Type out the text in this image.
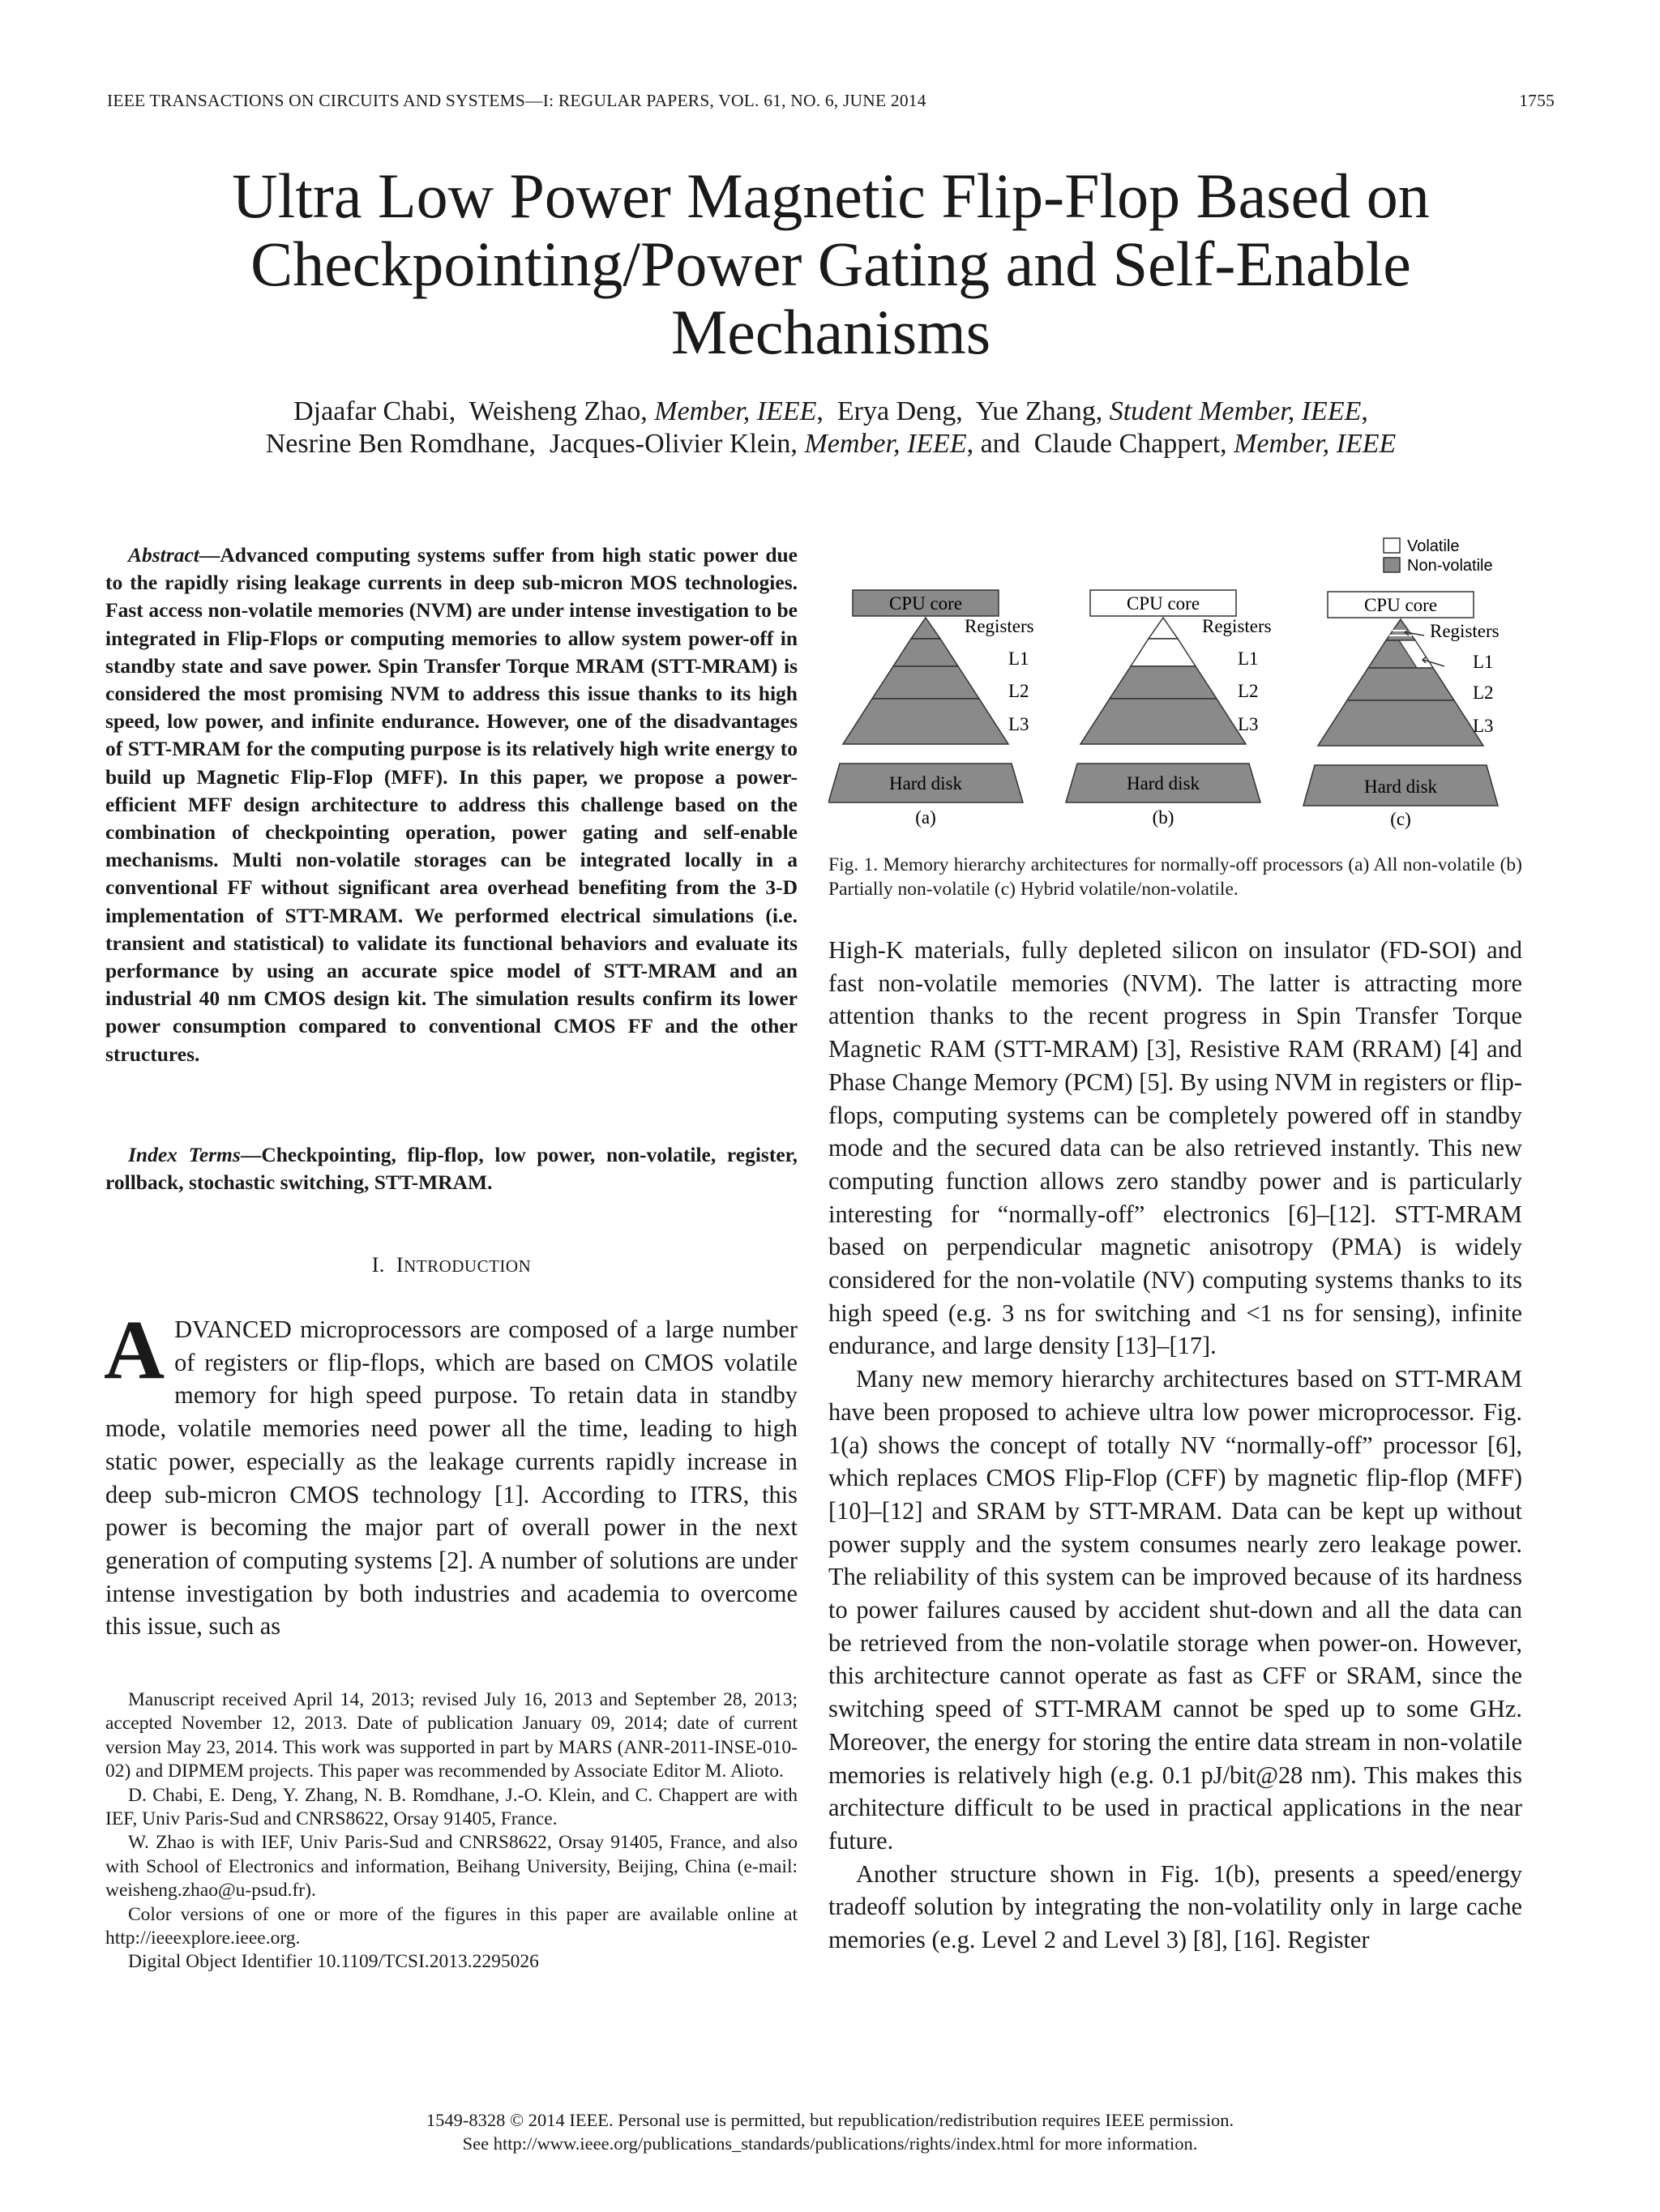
IEEE TRANSACTIONS ON CIRCUITS AND SYSTEMS—I: REGULAR PAPERS, VOL. 61, NO. 6, JUNE 2014	1755
Ultra Low Power Magnetic Flip-Flop Based on
Checkpointing/Power Gating and Self-Enable
Mechanisms
Djaafar Chabi, Weisheng Zhao, Member, IEEE,  Erya Deng, Yue Zhang, Student Member, IEEE,
Nesrine Ben Romdhane, Jacques-Olivier Klein, Member, IEEE, and Claude Chappert, Member, IEEE
Abstract—Advanced computing systems suffer from high static power due to the rapidly rising leakage currents in deep sub-micron MOS technologies. Fast access non-volatile memories (NVM) are under intense investigation to be integrated in Flip-Flops or computing memories to allow system power-off in standby state and save power. Spin Transfer Torque MRAM (STT-MRAM) is considered the most promising NVM to address this issue thanks to its high speed, low power, and infinite endurance. However, one of the disadvantages of STT-MRAM for the computing purpose is its relatively high write energy to build up Magnetic Flip-Flop (MFF). In this paper, we propose a power-efficient MFF design architecture to address this challenge based on the combination of checkpointing operation, power gating and self-enable mechanisms. Multi non-volatile storages can be integrated locally in a conventional FF without significant area overhead benefiting from the 3-D implementation of STT-MRAM. We performed electrical simulations (i.e. transient and statistical) to validate its functional behaviors and evaluate its performance by using an accurate spice model of STT-MRAM and an industrial 40 nm CMOS design kit. The simulation results confirm its lower power consumption compared to conventional CMOS FF and the other structures.
Index Terms—Checkpointing, flip-flop, low power, non-volatile, register, rollback, stochastic switching, STT-MRAM.
I. INTRODUCTION
ADVANCED microprocessors are composed of a large number of registers or flip-flops, which are based on CMOS volatile memory for high speed purpose. To retain data in standby mode, volatile memories need power all the time, leading to high static power, especially as the leakage currents rapidly increase in deep sub-micron CMOS technology [1]. According to ITRS, this power is becoming the major part of overall power in the next generation of computing systems [2]. A number of solutions are under intense investigation by both industries and academia to overcome this issue, such as

Manuscript received April 14, 2013; revised July 16, 2013 and September 28, 2013; accepted November 12, 2013. Date of publication January 09, 2014; date of current version May 23, 2014. This work was supported in part by MARS (ANR-2011-INSE-010-02) and DIPMEM projects. This paper was recommended by Associate Editor M. Alioto.

D. Chabi, E. Deng, Y. Zhang, N. B. Romdhane, J.-O. Klein, and C. Chappert are with IEF, Univ Paris-Sud and CNRS8622, Orsay 91405, France.

W. Zhao is with IEF, Univ Paris-Sud and CNRS8622, Orsay 91405, France, and also with School of Electronics and information, Beihang University, Beijing, China (e-mail: weisheng.zhao@u-psud.fr).

Color versions of one or more of the figures in this paper are available online at http://ieeexplore.ieee.org.

Digital Object Identifier 10.1109/TCSI.2013.2295026

Volatile
Non-volatile
CPU core
Registers
L1
L2
L3
Hard disk
(a)
CPU core
Registers
L1
L2
L3
Hard disk
(b)
CPU core
Registers
L1
L2
L3
Hard disk
(c)
Fig. 1. Memory hierarchy architectures for normally-off processors (a) All non-volatile (b) Partially non-volatile (c) Hybrid volatile/non-volatile.

High-K materials, fully depleted silicon on insulator (FD-SOI) and fast non-volatile memories (NVM). The latter is attracting more attention thanks to the recent progress in Spin Transfer Torque Magnetic RAM (STT-MRAM) [3], Resistive RAM (RRAM) [4] and Phase Change Memory (PCM) [5]. By using NVM in registers or flip-flops, computing systems can be completely powered off in standby mode and the secured data can be also retrieved instantly. This new computing function allows zero standby power and is particularly interesting for “normally-off” electronics [6]–[12]. STT-MRAM based on perpendicular magnetic anisotropy (PMA) is widely considered for the non-volatile (NV) computing systems thanks to its high speed (e.g. 3 ns for switching and <1 ns for sensing), infinite endurance, and large density [13]–[17].

Many new memory hierarchy architectures based on STT-MRAM have been proposed to achieve ultra low power microprocessor. Fig. 1(a) shows the concept of totally NV “normally-off” processor [6], which replaces CMOS Flip-Flop (CFF) by magnetic flip-flop (MFF) [10]–[12] and SRAM by STT-MRAM. Data can be kept up without power supply and the system consumes nearly zero leakage power. The reliability of this system can be improved because of its hardness to power failures caused by accident shut-down and all the data can be retrieved from the non-volatile storage when power-on. However, this architecture cannot operate as fast as CFF or SRAM, since the switching speed of STT-MRAM cannot be sped up to some GHz. Moreover, the energy for storing the entire data stream in non-volatile memories is relatively high (e.g. 0.1 pJ/bit@28 nm). This makes this architecture difficult to be used in practical applications in the near future.

Another structure shown in Fig. 1(b), presents a speed/energy tradeoff solution by integrating the non-volatility only in large cache memories (e.g. Level 2 and Level 3) [8], [16]. Register

1549-8328 © 2014 IEEE. Personal use is permitted, but republication/redistribution requires IEEE permission.
See http://www.ieee.org/publications_standards/publications/rights/index.html for more information.
